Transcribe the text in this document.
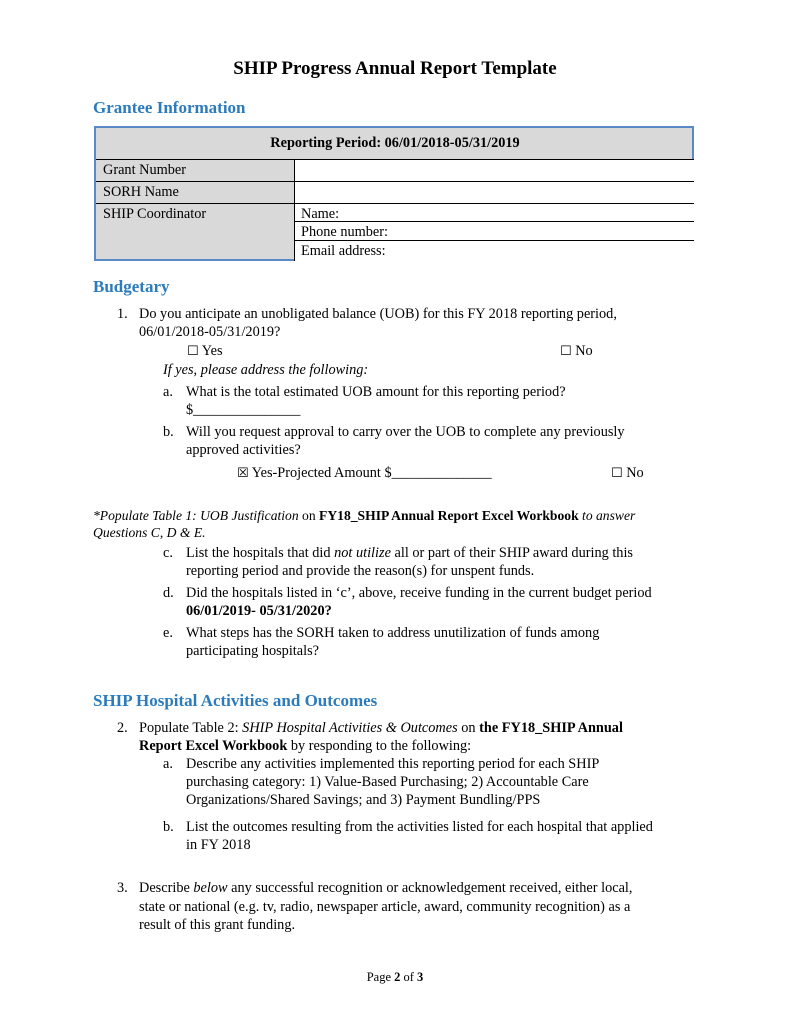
SHIP Progress Annual Report Template
Grantee Information
Reporting Period: 06/01/2018-05/31/2019
Grant Number
SORH Name
SHIP Coordinator	Name:
Phone number:
Email address:
Budgetary
1. Do you anticipate an unobligated balance (UOB) for this FY 2018 reporting period,
06/01/2018-05/31/2019?
☐ Yes	☐ No
If yes, please address the following:
a. What is the total estimated UOB amount for this reporting period?
$_______________
b. Will you request approval to carry over the UOB to complete any previously
approved activities?
☒ Yes-Projected Amount $______________	☐ No
*Populate Table 1: UOB Justification on FY18_SHIP Annual Report Excel Workbook to answer
Questions C, D & E.
c. List the hospitals that did not utilize all or part of their SHIP award during this
reporting period and provide the reason(s) for unspent funds.
d. Did the hospitals listed in ‘c’, above, receive funding in the current budget period
06/01/2019- 05/31/2020?
e. What steps has the SORH taken to address unutilization of funds among
participating hospitals?
SHIP Hospital Activities and Outcomes
2. Populate Table 2: SHIP Hospital Activities & Outcomes on the FY18_SHIP Annual
Report Excel Workbook by responding to the following:
a. Describe any activities implemented this reporting period for each SHIP
purchasing category: 1) Value-Based Purchasing; 2) Accountable Care
Organizations/Shared Savings; and 3) Payment Bundling/PPS
b. List the outcomes resulting from the activities listed for each hospital that applied
in FY 2018
3. Describe below any successful recognition or acknowledgement received, either local,
state or national (e.g. tv, radio, newspaper article, award, community recognition) as a
result of this grant funding.
Page 2 of 3
